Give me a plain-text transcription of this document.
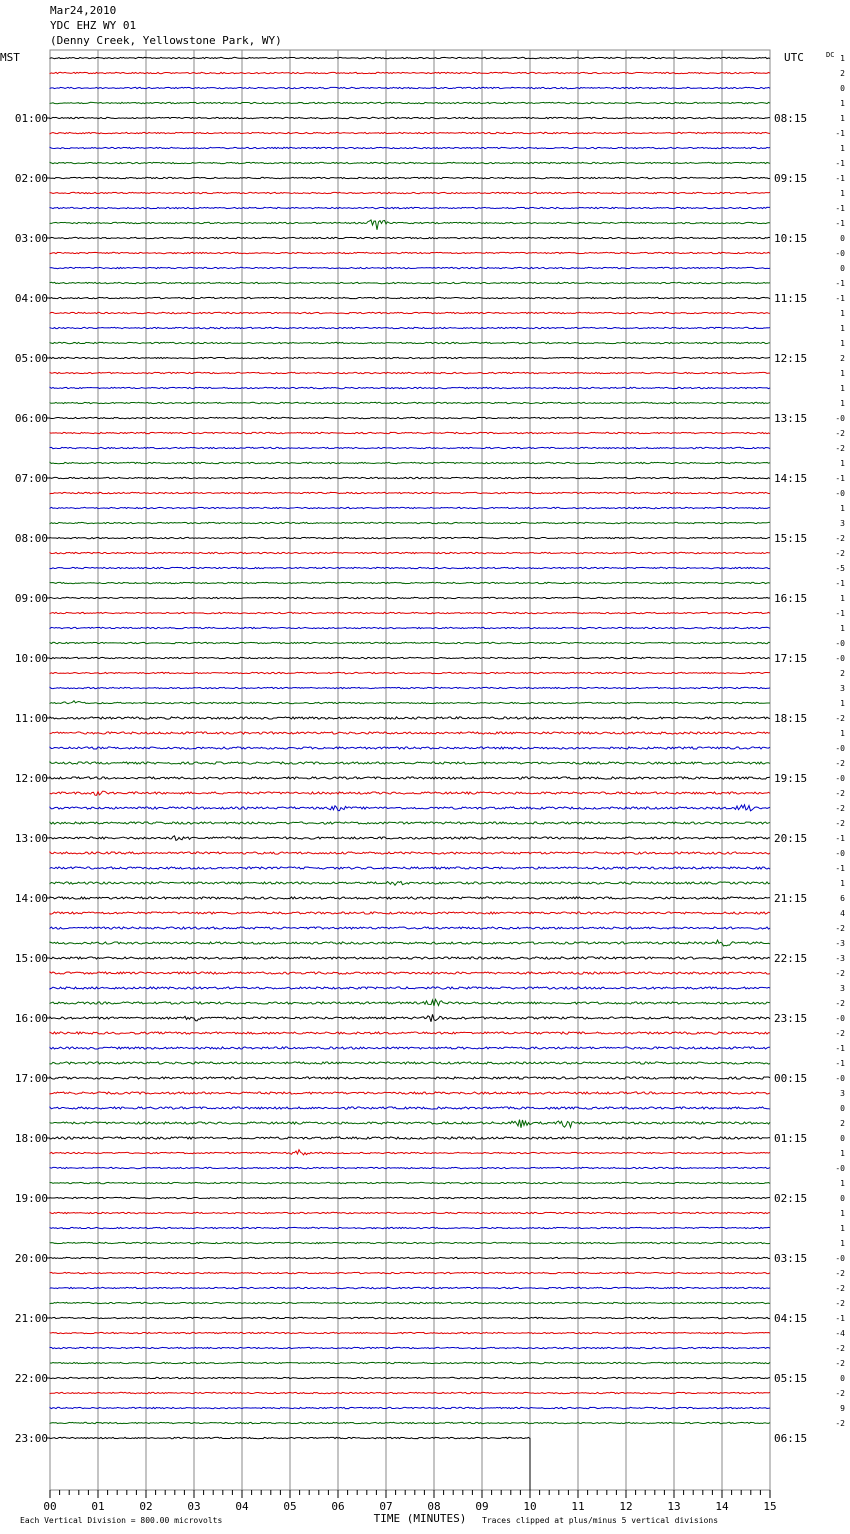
1
2
0
1
1
-1
1
-1
-1
1
-1
-1
0
-0
0
-1
-1
1
1
1
2
1
1
1
-0
-2
-2
1
-1
-0
1
3
-2
-2
-5
-1
1
-1
1
-0
-0
2
3
1
-2
1
-0
-2
-0
-2
-2
-2
-1
-0
-1
1
6
4
-2
-3
-3
-2
3
-2
-0
-2
-1
-1
-0
3
0
2
0
1
-0
1
0
1
1
1
-0
-2
-2
-2
-1
-4
-2
-2
0
-2
9
-2
MST	UTC	DC
01:00
02:00
03:00
04:00
05:00
06:00
07:00
08:00
09:00
10:00
11:00
12:00
13:00
14:00
15:00
16:00
17:00
18:00
19:00
20:00
21:00
22:00
23:00
08:15
09:15
10:15
11:15
12:15
13:15
14:15
15:15
16:15
17:15
18:15
19:15
20:15
21:15
22:15
23:15
00:15
01:15
02:15
03:15
04:15
05:15
06:15
00	01	02	03	04	05	06	07	08	09	10	11	12	13	14	15
TIME (MINUTES)
Each Vertical Division = 800.00 microvolts	Traces clipped at plus/minus 5 vertical divisions
Mar24,2010
YDC EHZ WY 01
(Denny Creek, Yellowstone Park, WY)
